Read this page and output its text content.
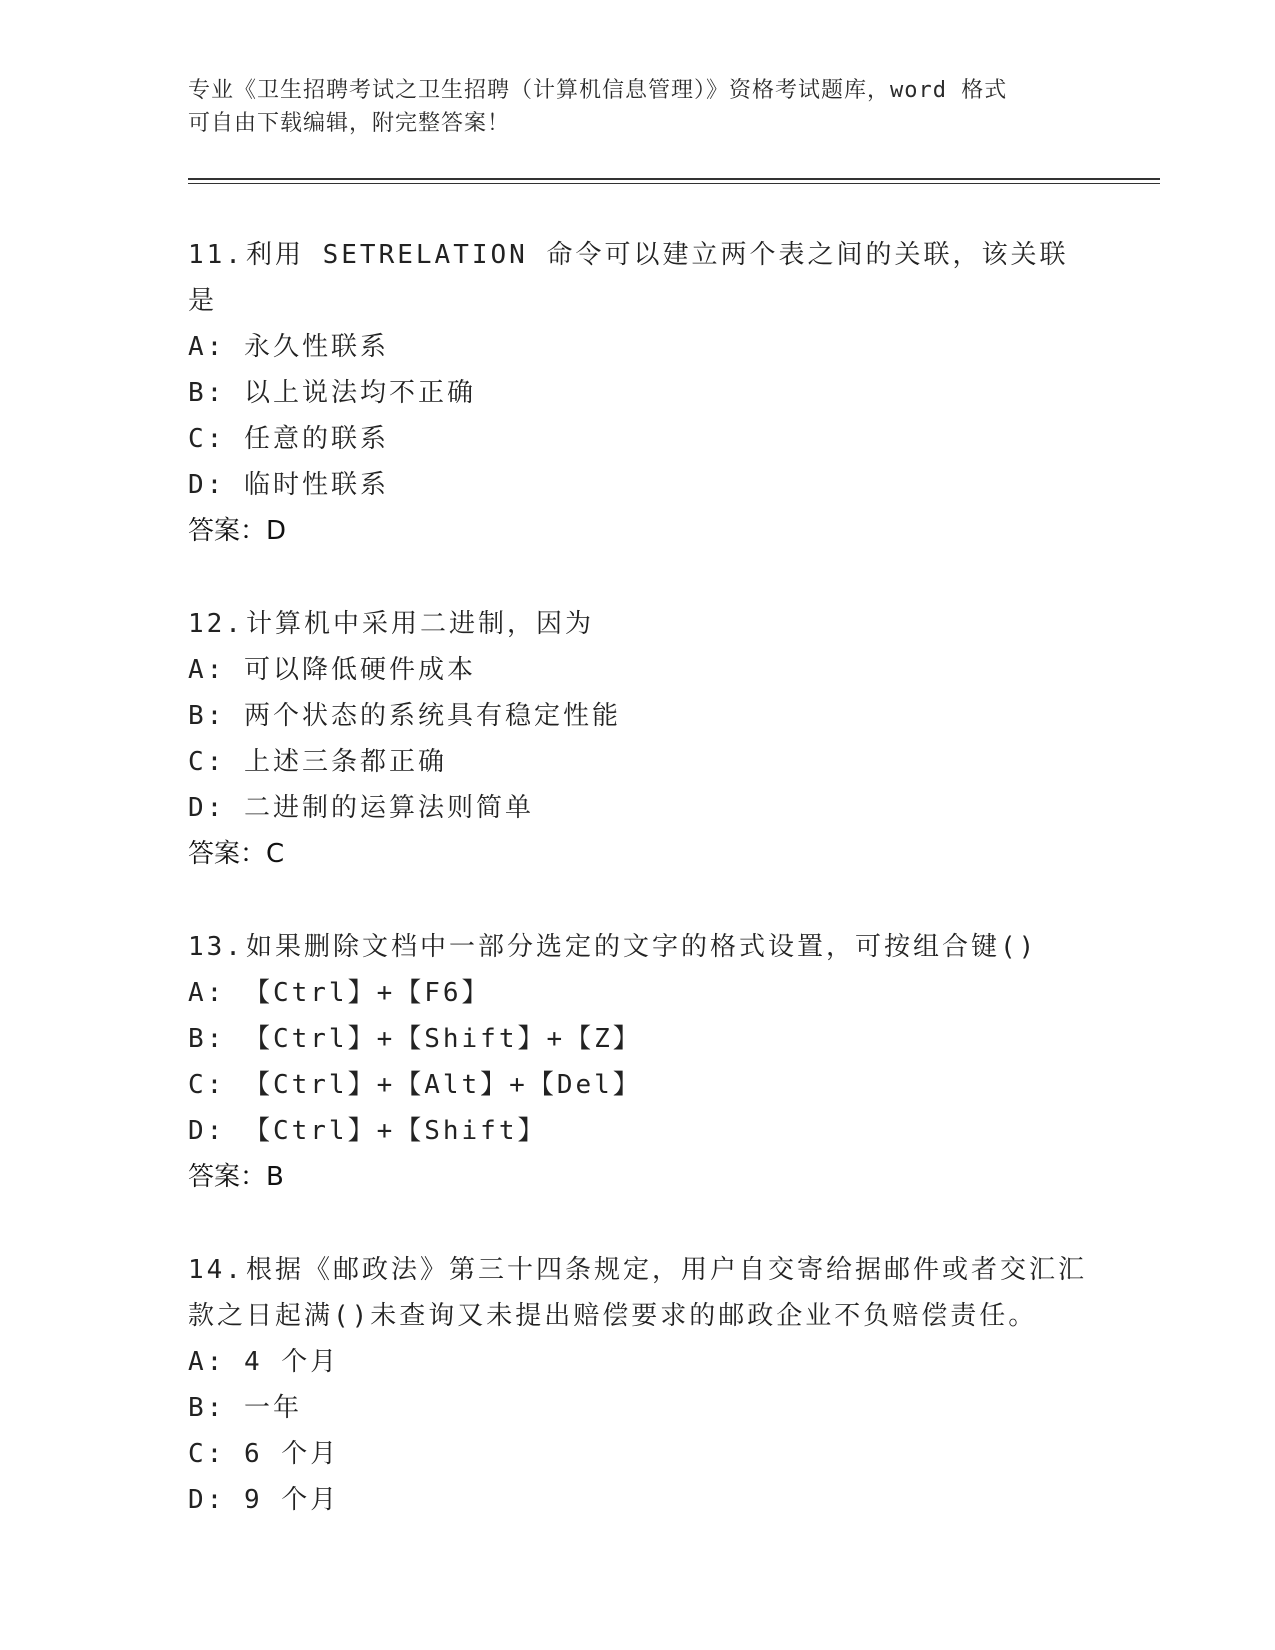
专业《卫生招聘考试之卫生招聘（计算机信息管理）》资格考试题库，word 格式
可自由下载编辑，附完整答案！
11.利用 SETRELATION 命令可以建立两个表之间的关联，该关联是
A: 永久性联系
B: 以上说法均不正确
C: 任意的联系
D: 临时性联系
答案：D
12.计算机中采用二进制，因为
A: 可以降低硬件成本
B: 两个状态的系统具有稳定性能
C: 上述三条都正确
D: 二进制的运算法则简单
答案：C
13.如果删除文档中一部分选定的文字的格式设置，可按组合键()
A: 【Ctrl】+【F6】
B: 【Ctrl】+【Shift】+【Z】
C: 【Ctrl】+【Alt】+【Del】
D: 【Ctrl】+【Shift】
答案：B
14.根据《邮政法》第三十四条规定，用户自交寄给据邮件或者交汇汇款之日起满()未查询又未提出赔偿要求的邮政企业不负赔偿责任。
A: 4 个月
B: 一年
C: 6 个月
D: 9 个月
